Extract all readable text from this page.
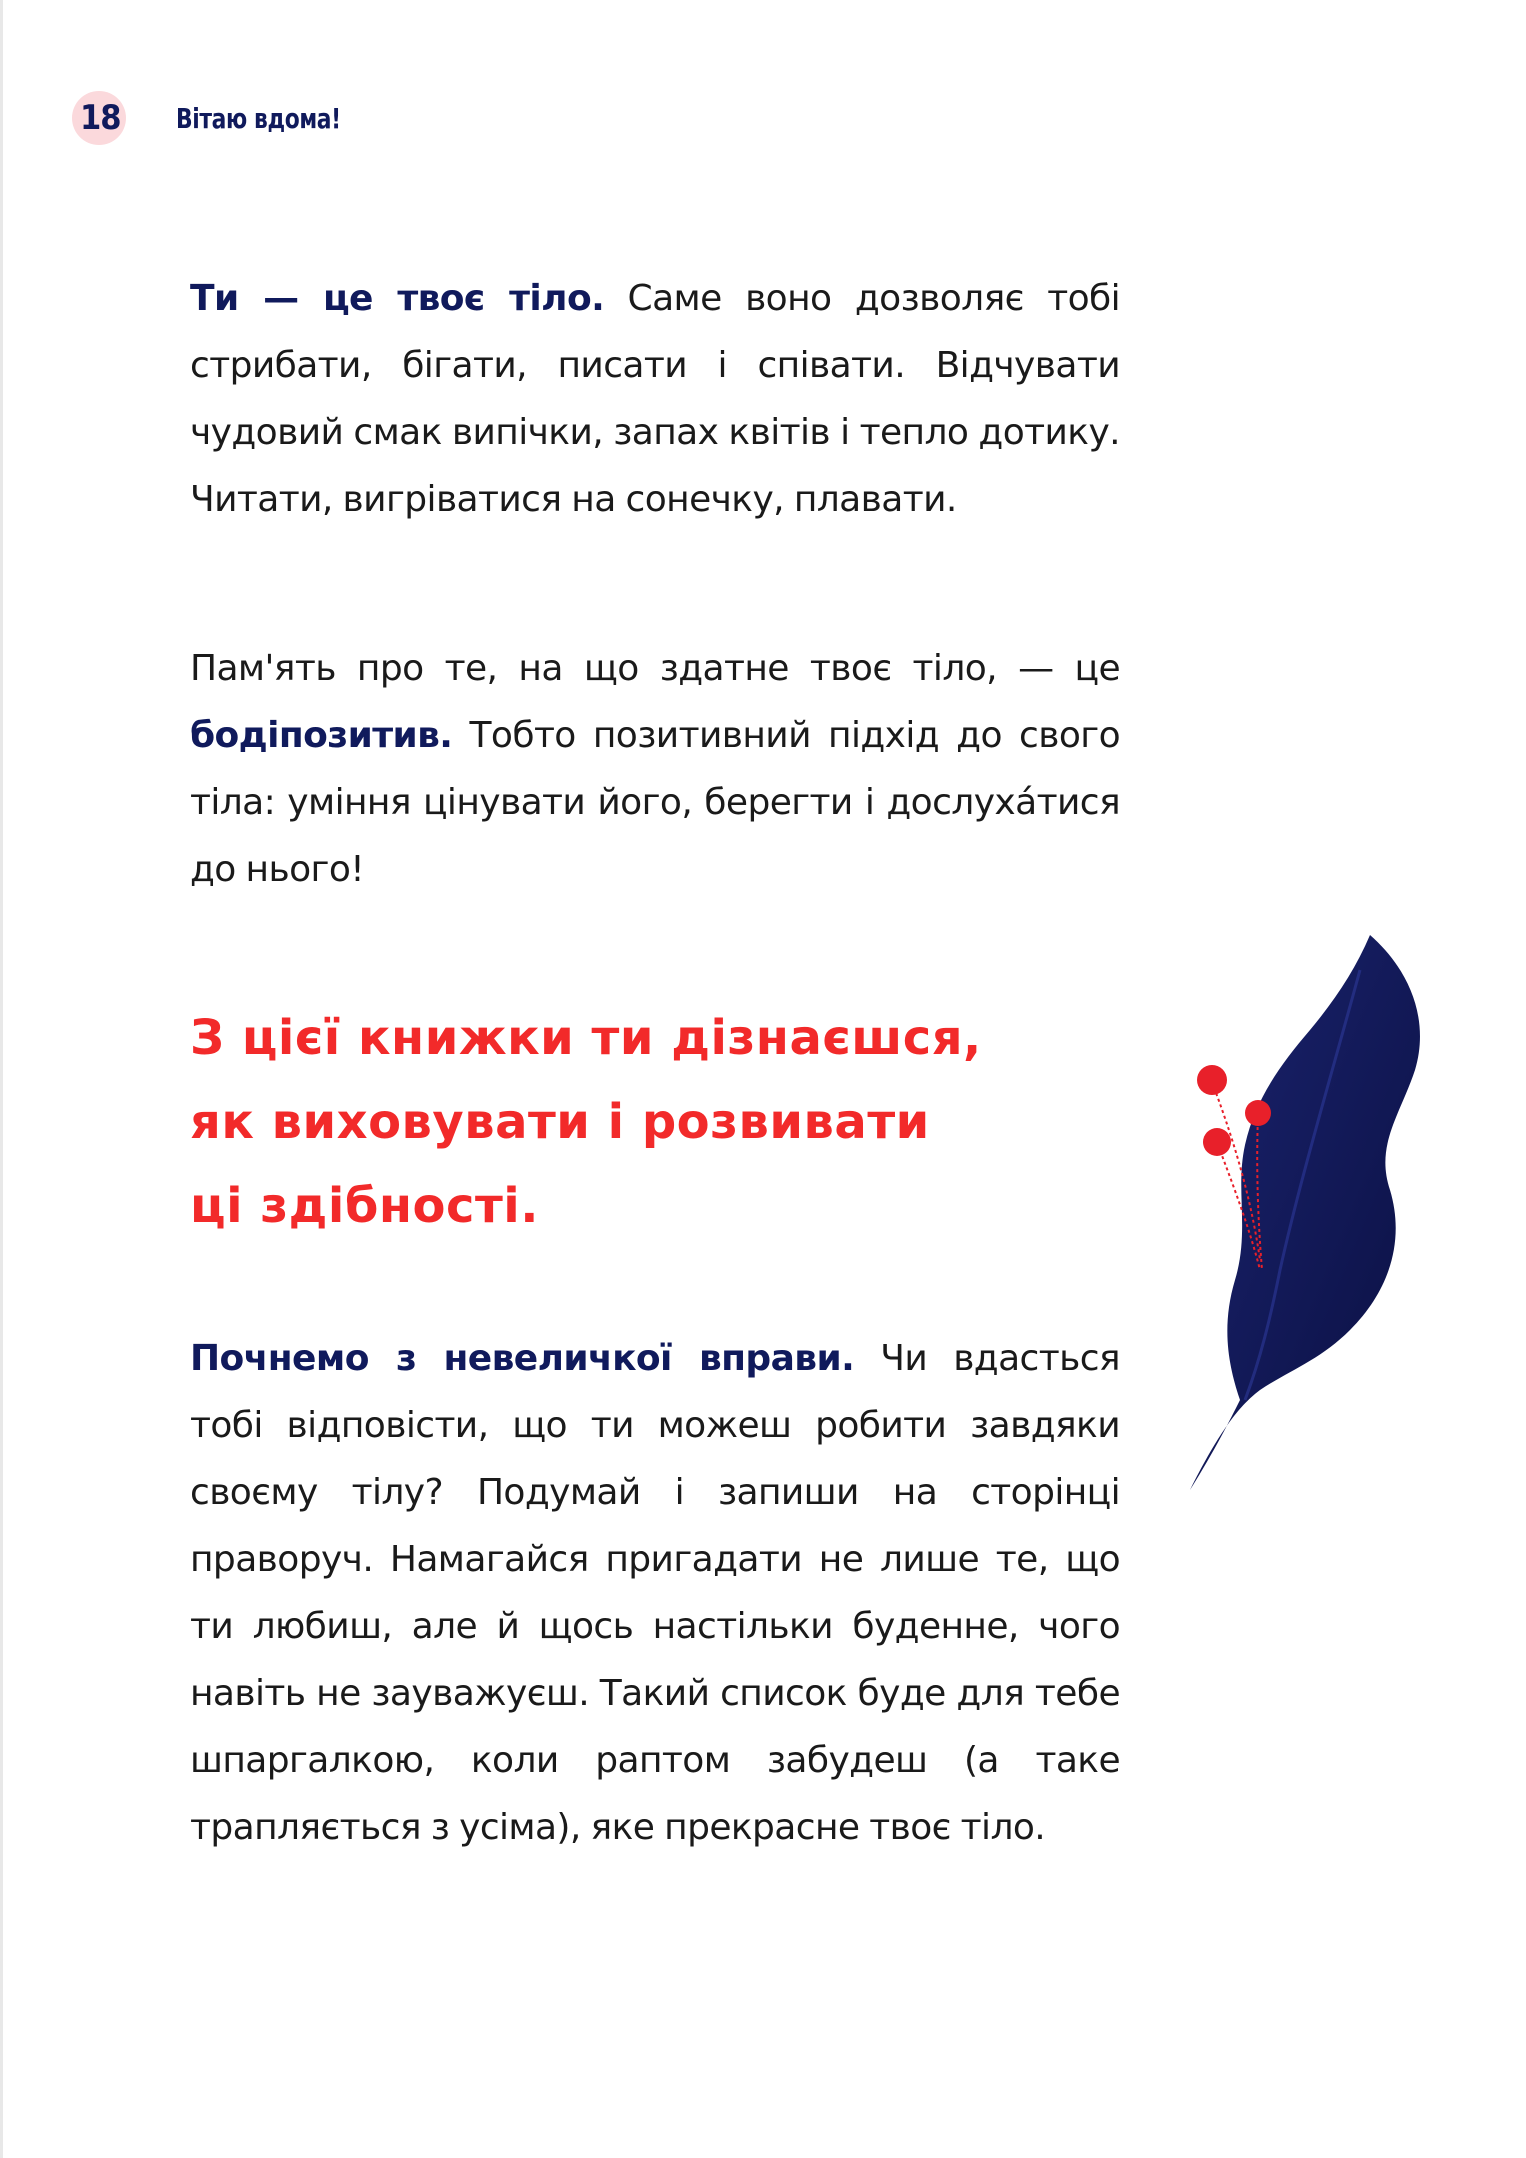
18 Вітаю вдома!

Ти — це твоє тіло. Саме воно дозволяє тобі стрибати, бігати, писати і співати. Відчувати чудовий смак випічки, запах квітів і тепло дотику. Читати, вигріватися на сонечку, плавати.

Пам'ять про те, на що здатне твоє тіло, — це бодіпозитив. Тобто позитивний підхід до свого тіла: уміння цінувати його, берегти і дослухáтися до нього!

З цієї книжки ти дізнаєшся,
як виховувати і розвивати
ці здібності.

Почнемо з невеличкої вправи. Чи вдасться тобі відповісти, що ти можеш робити завдяки своєму тілу? Подумай і запиши на сторінці праворуч. Намагайся пригадати не лише те, що ти любиш, але й щось настільки буденне, чого навіть не зауважуєш. Такий список буде для тебе шпаргалкою, коли раптом забудеш (а таке трапляється з усіма), яке прекрасне твоє тіло.
